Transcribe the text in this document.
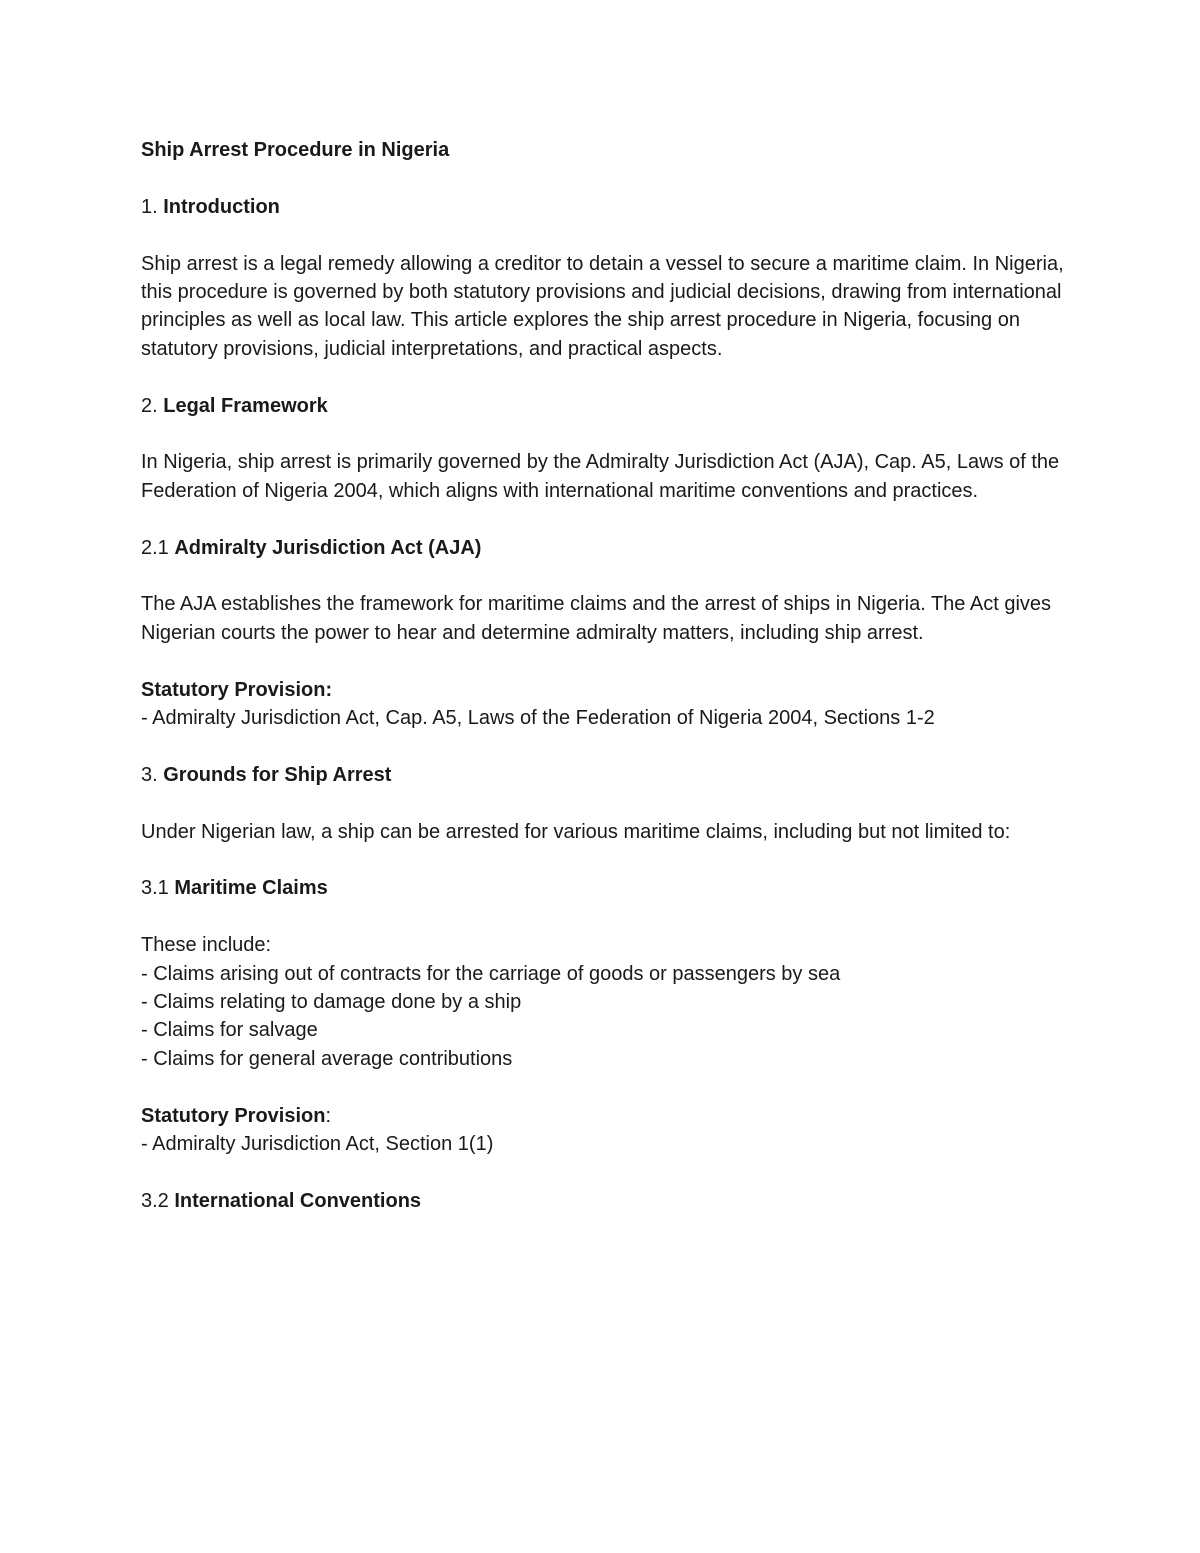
Ship Arrest Procedure in Nigeria

1. Introduction

Ship arrest is a legal remedy allowing a creditor to detain a vessel to secure a maritime claim. In Nigeria, this procedure is governed by both statutory provisions and judicial decisions, drawing from international principles as well as local law. This article explores the ship arrest procedure in Nigeria, focusing on statutory provisions, judicial interpretations, and practical aspects.

2. Legal Framework

In Nigeria, ship arrest is primarily governed by the Admiralty Jurisdiction Act (AJA), Cap. A5, Laws of the Federation of Nigeria 2004, which aligns with international maritime conventions and practices.

2.1 Admiralty Jurisdiction Act (AJA)

The AJA establishes the framework for maritime claims and the arrest of ships in Nigeria. The Act gives Nigerian courts the power to hear and determine admiralty matters, including ship arrest.

Statutory Provision:

- Admiralty Jurisdiction Act, Cap. A5, Laws of the Federation of Nigeria 2004, Sections 1-2

3. Grounds for Ship Arrest

Under Nigerian law, a ship can be arrested for various maritime claims, including but not limited to:

3.1 Maritime Claims

These include:

- Claims arising out of contracts for the carriage of goods or passengers by sea

- Claims relating to damage done by a ship

- Claims for salvage

- Claims for general average contributions

Statutory Provision:

- Admiralty Jurisdiction Act, Section 1(1)

3.2 International Conventions
